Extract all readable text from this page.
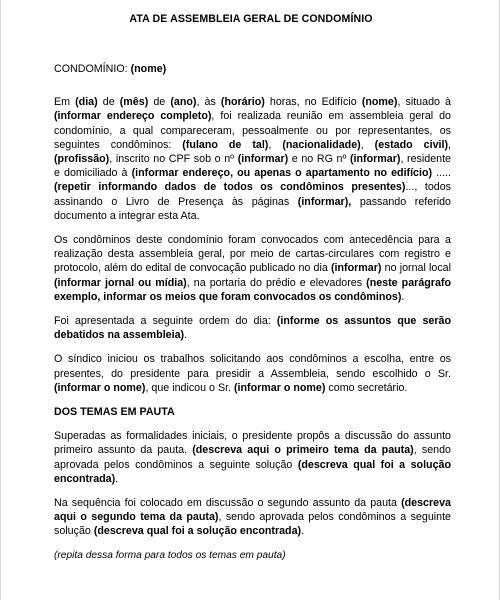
ATA DE ASSEMBLEIA GERAL DE CONDOMÍNIO
CONDOMÍNIO: (nome)

Em (dia) de (mês) de (ano), às (horário) horas, no Edifício (nome), situado à (informar endereço completo), foi realizada reunião em assembleia geral do condomínio, a qual compareceram, pessoalmente ou por representantes, os seguintes condôminos: (fulano de tal), (nacionalidade), (estado civil), (profissão), inscrito no CPF sob o nº (informar) e no RG nº (informar), residente e domiciliado à (informar endereço, ou apenas o apartamento no edifício) ..... (repetir informando dados de todos os condôminos presentes)..., todos assinando o Livro de Presença às páginas (informar), passando referido documento a integrar esta Ata.

Os condôminos deste condomínio foram convocados com antecedência para a realização desta assembleia geral, por meio de cartas-circulares com registro e protocolo, além do edital de convocação publicado no dia (informar) no jornal local (informar jornal ou mídia), na portaria do prédio e elevadores (neste parágrafo exemplo, informar os meios que foram convocados os condôminos).

Foi apresentada a seguinte ordem do dia: (informe os assuntos que serão debatidos na assembleia).

O síndico iniciou os trabalhos solicitando aos condôminos a escolha, entre os presentes, do presidente para presidir a Assembleia, sendo escolhido o Sr. (informar o nome), que indicou o Sr. (informar o nome) como secretário.

DOS TEMAS EM PAUTA

Superadas as formalidades iniciais, o presidente propôs a discussão do assunto primeiro assunto da pauta. (descreva aqui o primeiro tema da pauta), sendo aprovada pelos condôminos a seguinte solução (descreva qual foi a solução encontrada).

Na sequência foi colocado em discussão o segundo assunto da pauta (descreva aqui o segundo tema da pauta), sendo aprovada pelos condôminos a seguinte solução (descreva qual foi a solução encontrada).

(repita dessa forma para todos os temas em pauta)
